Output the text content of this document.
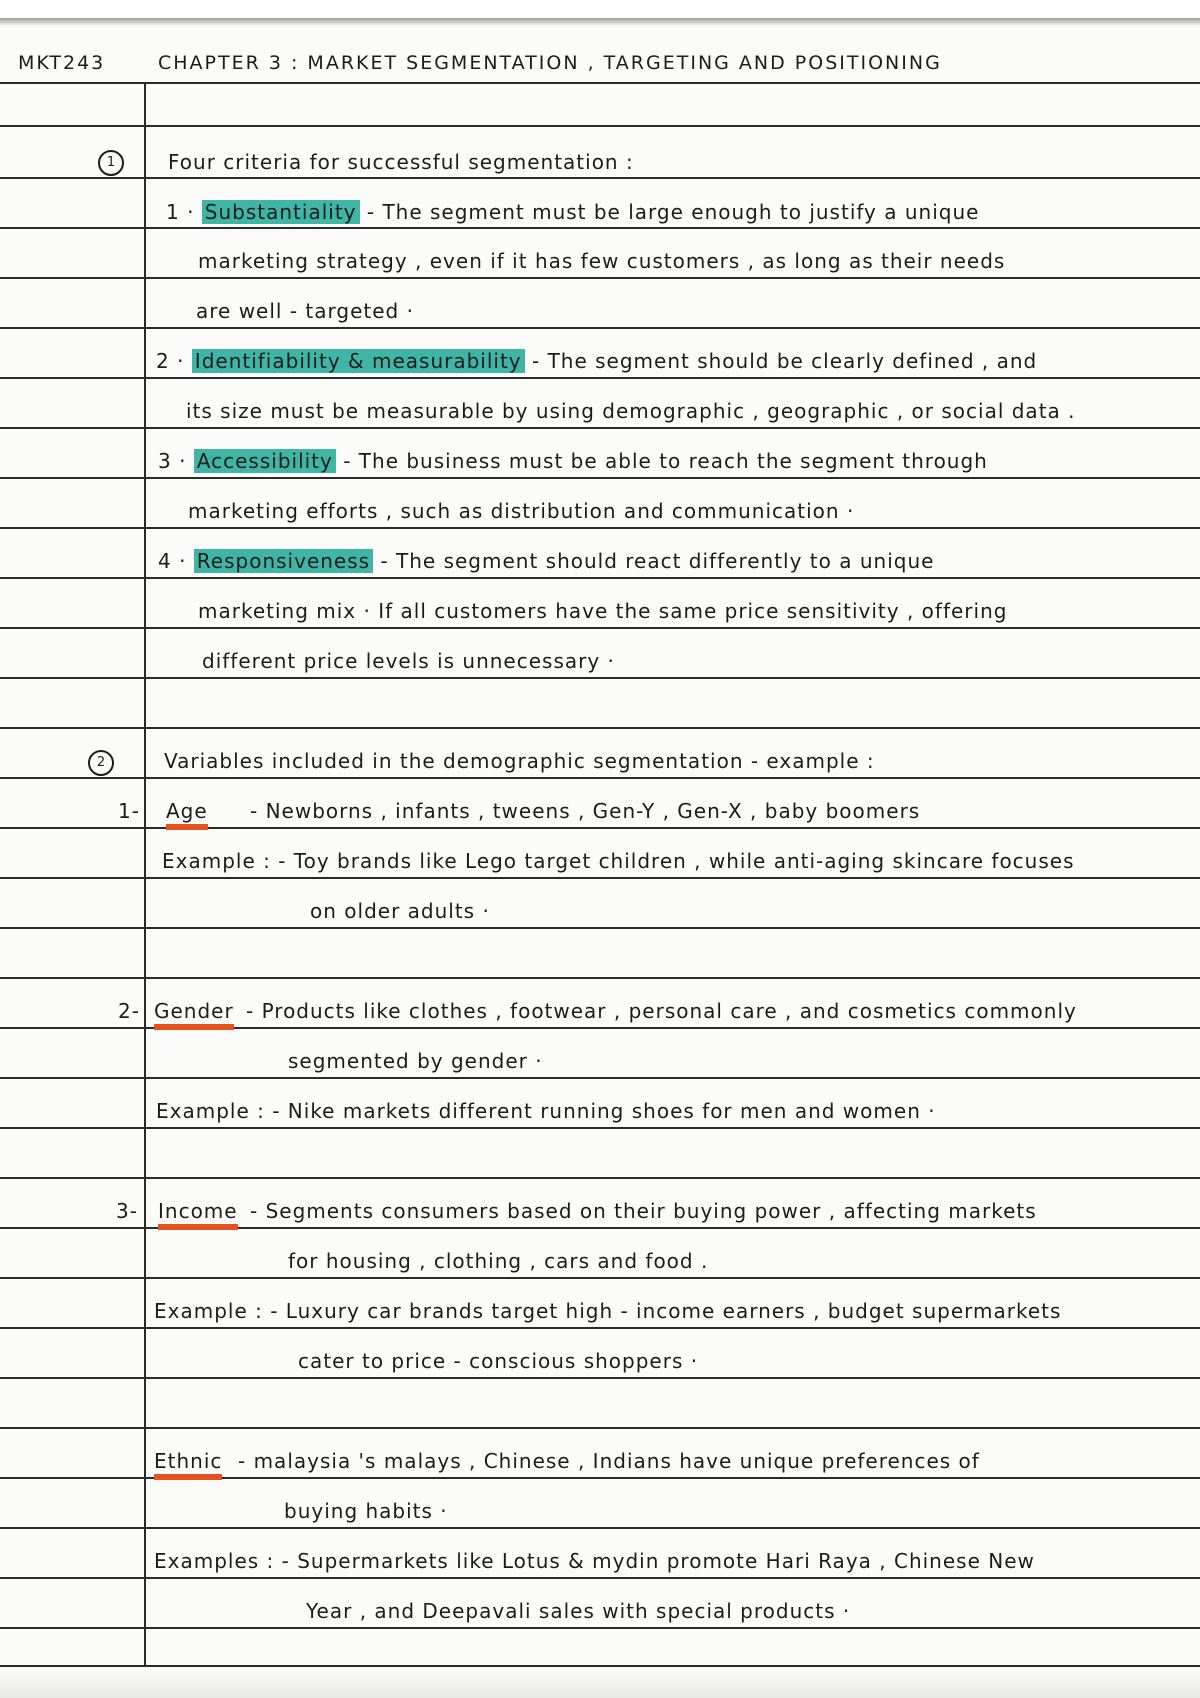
MKT243	CHAPTER 3 : MARKET SEGMENTATION , TARGETING AND POSITIONING
1	Four criteria for successful segmentation :
1 · Substantiality - The segment must be large enough to justify a unique
marketing strategy , even if it has few customers , as long as their needs
are well - targeted ·
2 · Identifiability & measurability - The segment should be clearly defined , and
its size must be measurable by using demographic , geographic , or social data .
3 · Accessibility - The business must be able to reach the segment through
marketing efforts , such as distribution and communication ·
4 · Responsiveness - The segment should react differently to a unique
marketing mix · If all customers have the same price sensitivity , offering
different price levels is unnecessary ·
2	Variables included in the demographic segmentation - example :
1- Age - Newborns , infants , tweens , Gen-Y , Gen-X , baby boomers
Example : - Toy brands like Lego target children , while anti-aging skincare focuses
on older adults ·
2- Gender - Products like clothes , footwear , personal care , and cosmetics commonly
segmented by gender ·
Example : - Nike markets different running shoes for men and women ·
3- Income - Segments consumers based on their buying power , affecting markets
for housing , clothing , cars and food .
Example : - Luxury car brands target high - income earners , budget supermarkets
cater to price - conscious shoppers ·
Ethnic - malaysia 's malays , Chinese , Indians have unique preferences of
buying habits ·
Examples : - Supermarkets like Lotus & mydin promote Hari Raya , Chinese New
Year , and Deepavali sales with special products ·
